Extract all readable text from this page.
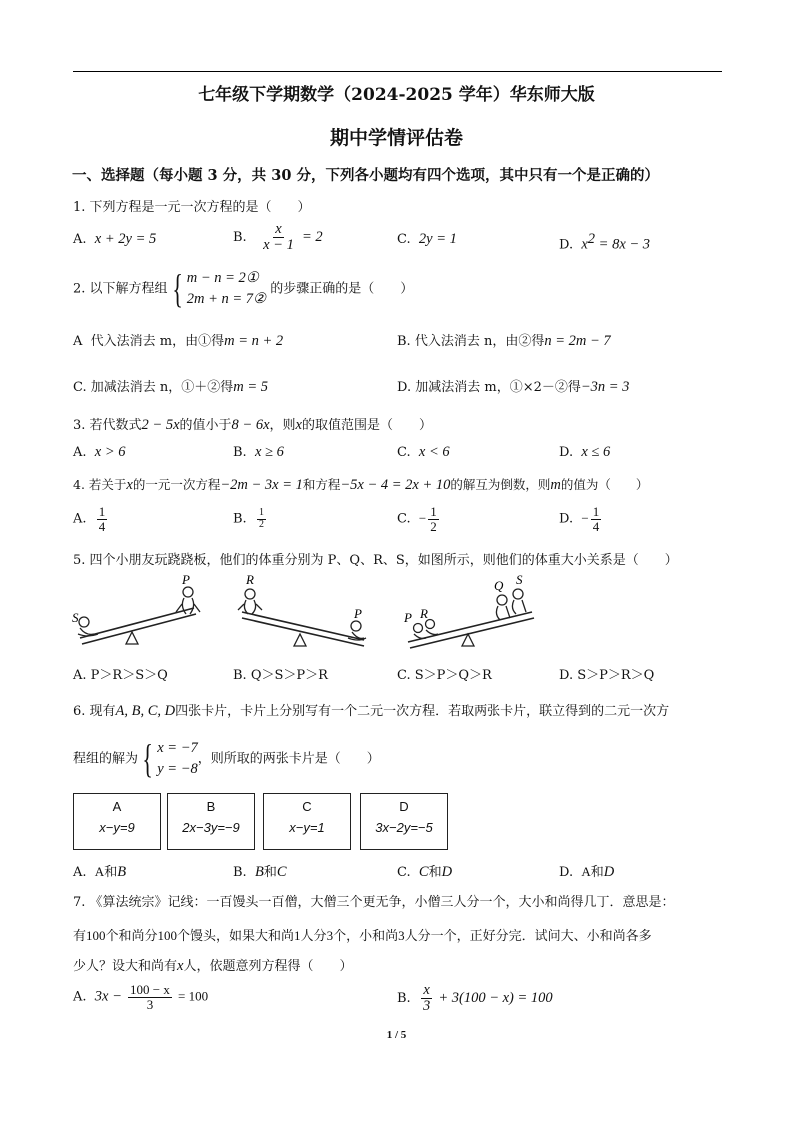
七年级下学期数学（2024-2025 学年）华东师大版
期中学情评估卷
一、选择题（每小题 3 分，共 30 分，下列各小题均有四个选项，其中只有一个是正确的）
1. 下列方程是一元一次方程的是（　　）
A. x + 2y = 5	B. $\frac{x}{x - 1} = 2$	C. 2y = 1	D. $x^2 = 8x - 3$
2. 以下解方程组 { m − n = 2①
2m + n = 7②
的步骤正确的是（　　）
A 代入法消去 m，由①得m = n + 2	B. 代入法消去 n，由②得n = 2m − 7
C. 加减法消去 n，①＋②得m = 5	D. 加减法消去 m，①×2－②得−3n = 3
3. 若代数式2 − 5x的值小于8 − 6x，则x的取值范围是（　　）
A. x > 6	B. x ≥ 6	C. x < 6	D. x ≤ 6
4. 若关于x的一元一次方程−2m − 3x = 1和方程−5x − 4 = 2x + 10的解互为倒数，则m的值为（　　）
A. $\frac{1}{4}$	B. $\frac{1}{2}$	C. − $\frac{1}{2}$	D. − $\frac{1}{4}$
5. 四个小朋友玩跷跷板，他们的体重分别为 P、Q、R、S，如图所示，则他们的体重大小关系是（　　）
S
P	R
P	P R
Q S
A. P＞R＞S＞Q	B. Q＞S＞P＞R	C. S＞P＞Q＞R	D. S＞P＞R＞Q
6. 现有A, B, C, D四张卡片，卡片上分别写有一个二元一次方程．若取两张卡片，联立得到的二元一次方
程组的解为 { x = −7
y = −8
，则所取的两张卡片是（　　）
A
x−y=9
B
2x−3y=−9
C
x−y=1
D
3x−2y=−5
A. A和B	B. B和C	C. C和D	D. A和D
7. 《算法统宗》记线：一百馒头一百僧，大僧三个更无争，小僧三人分一个，大小和尚得几丁．意思是：
有100个和尚分100个馒头，如果大和尚1人分3个，小和尚3人分一个，正好分完．试问大、小和尚各多
少人？设大和尚有x人，依题意列方程得（　　）
A. $3x - \frac{100 - x}{3} = 100$	B. $\frac{x}{3} + 3(100 - x) = 100$
1 / 5
